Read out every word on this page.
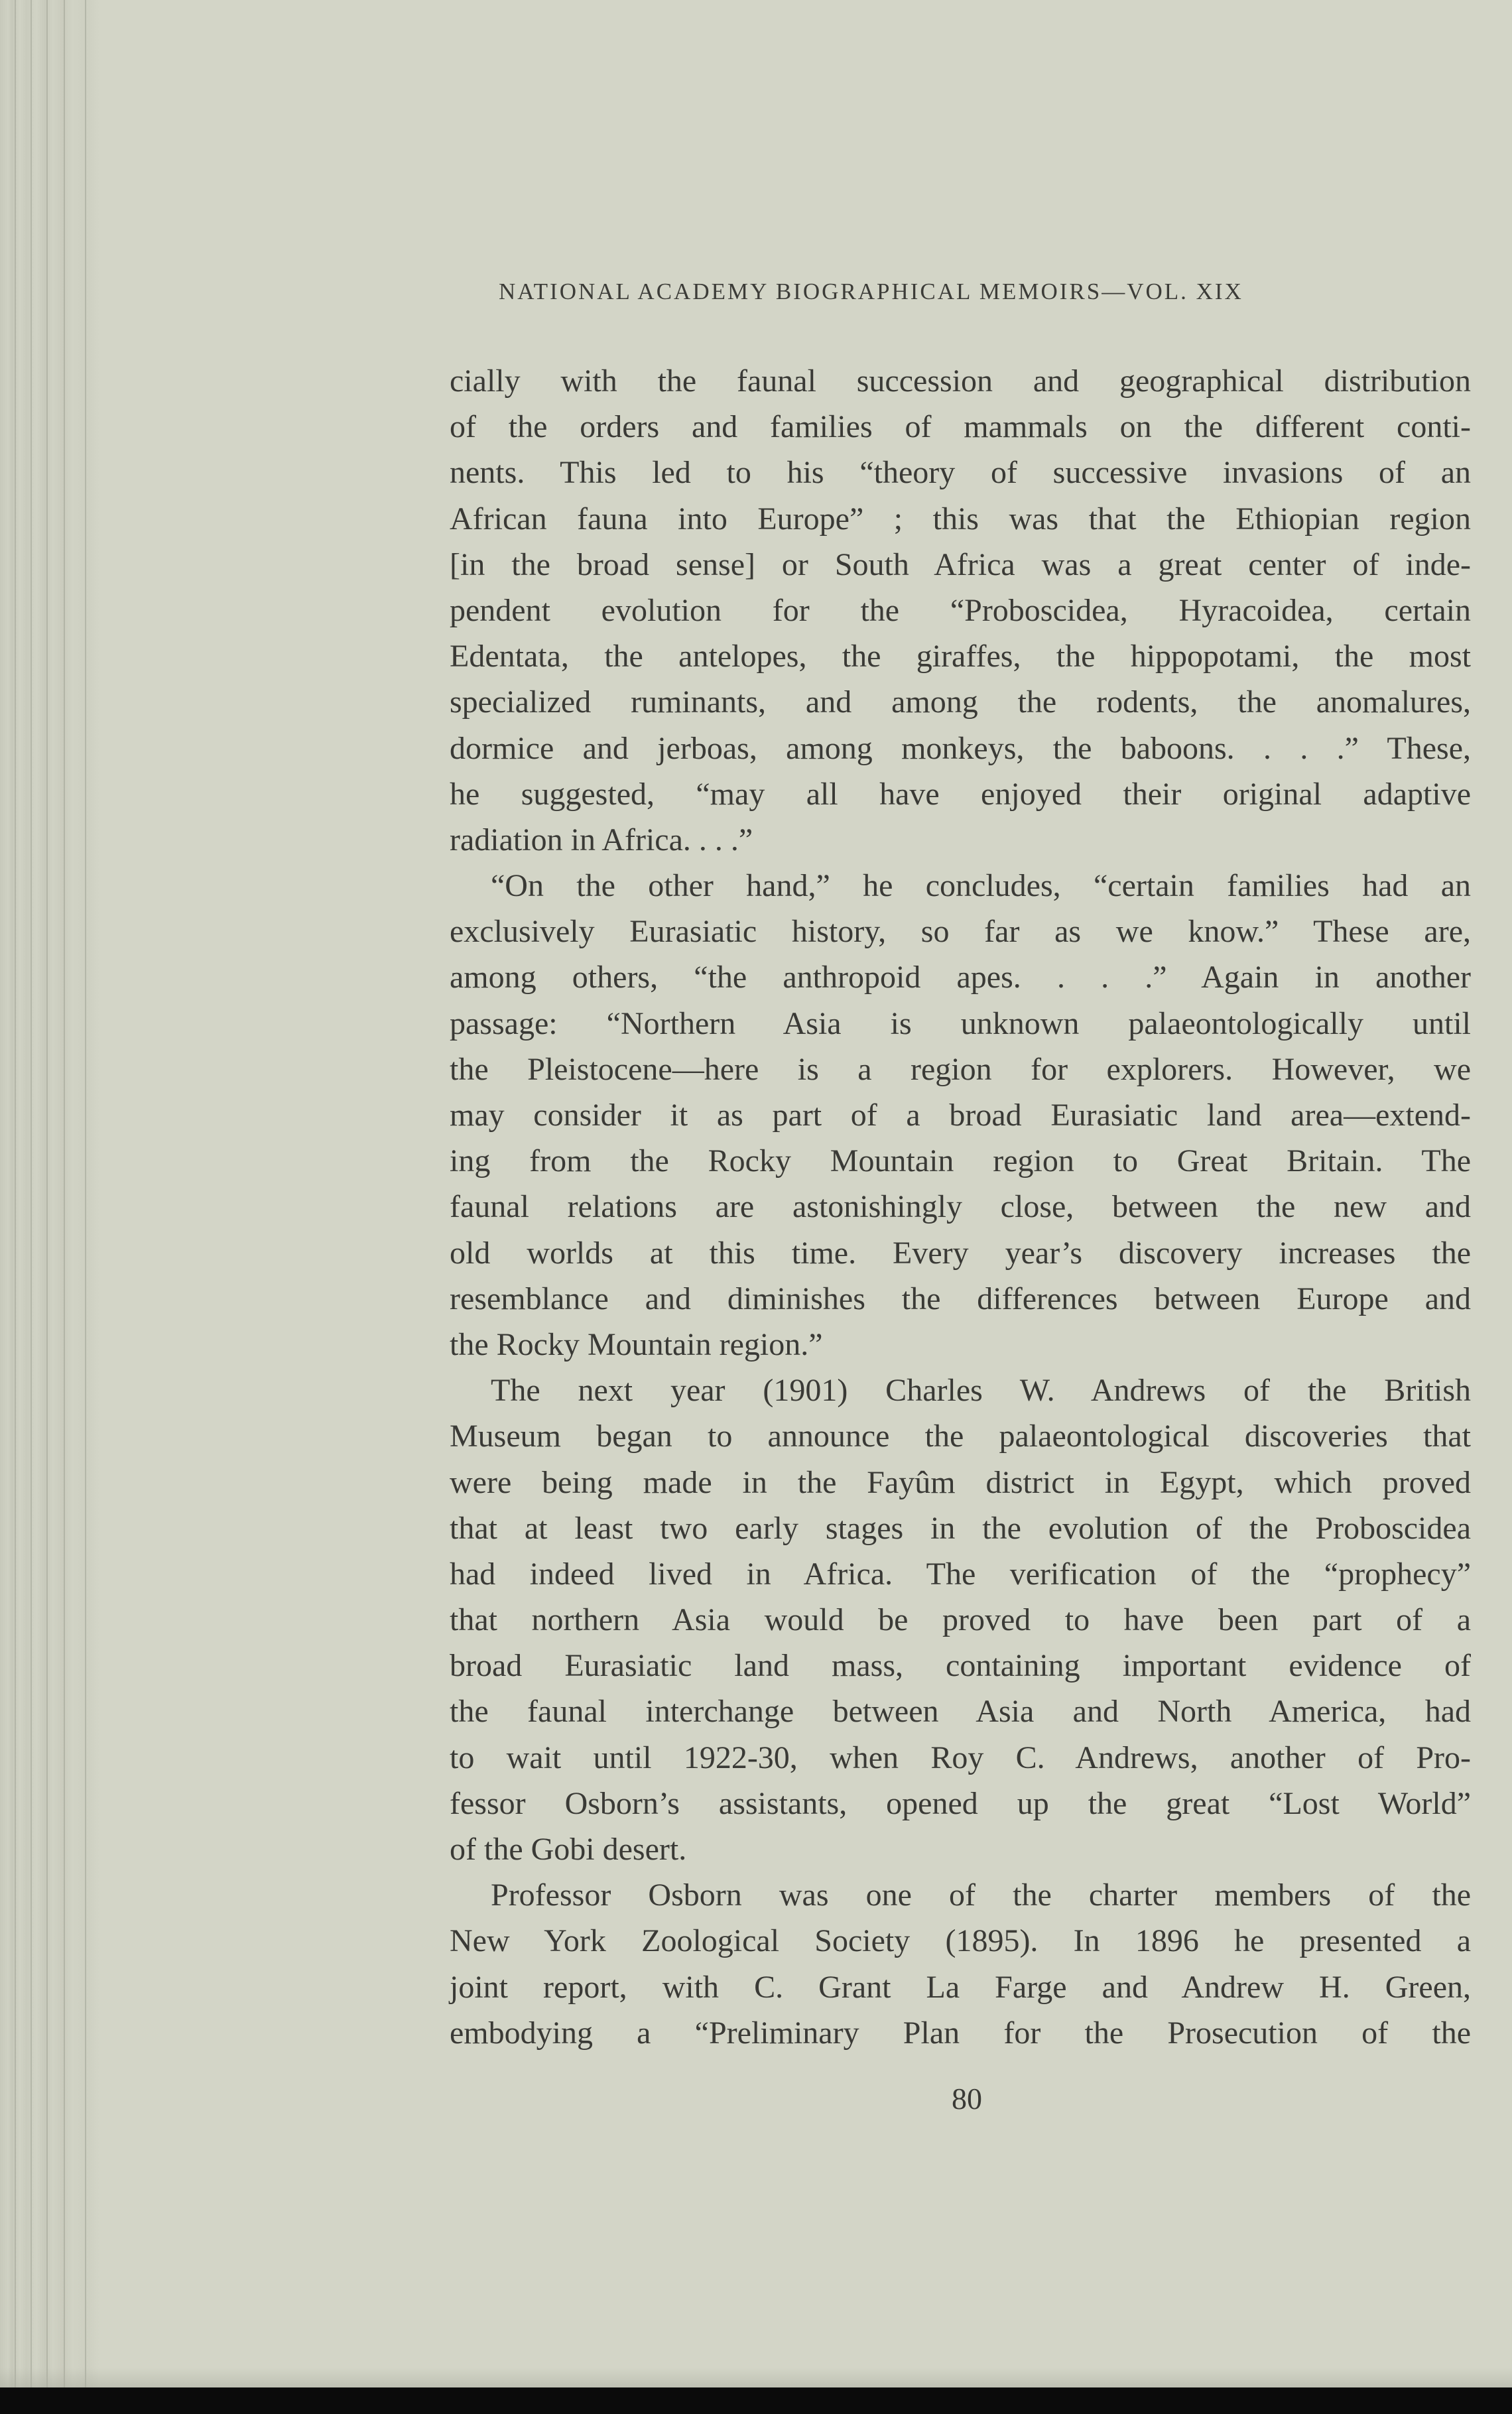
NATIONAL ACADEMY BIOGRAPHICAL MEMOIRS—VOL. XIX
cially with the faunal succession and geographical distribution
of the orders and families of mammals on the different conti-
nents. This led to his “theory of successive invasions of an
African fauna into Europe” ; this was that the Ethiopian region
[in the broad sense] or South Africa was a great center of inde-
pendent evolution for the “Proboscidea, Hyracoidea, certain
Edentata, the antelopes, the giraffes, the hippopotami, the most
specialized ruminants, and among the rodents, the anomalures,
dormice and jerboas, among monkeys, the baboons. . . .” These,
he suggested, “may all have enjoyed their original adaptive
radiation in Africa. . . .”
“On the other hand,” he concludes, “certain families had an
exclusively Eurasiatic history, so far as we know.” These are,
among others, “the anthropoid apes. . . .” Again in another
passage: “Northern Asia is unknown palaeontologically until
the Pleistocene—here is a region for explorers. However, we
may consider it as part of a broad Eurasiatic land area—extend-
ing from the Rocky Mountain region to Great Britain. The
faunal relations are astonishingly close, between the new and
old worlds at this time. Every year’s discovery increases the
resemblance and diminishes the differences between Europe and
the Rocky Mountain region.”
The next year (1901) Charles W. Andrews of the British
Museum began to announce the palaeontological discoveries that
were being made in the Fayûm district in Egypt, which proved
that at least two early stages in the evolution of the Proboscidea
had indeed lived in Africa. The verification of the “prophecy”
that northern Asia would be proved to have been part of a
broad Eurasiatic land mass, containing important evidence of
the faunal interchange between Asia and North America, had
to wait until 1922-30, when Roy C. Andrews, another of Pro-
fessor Osborn’s assistants, opened up the great “Lost World”
of the Gobi desert.
Professor Osborn was one of the charter members of the
New York Zoological Society (1895). In 1896 he presented a
joint report, with C. Grant La Farge and Andrew H. Green,
embodying a “Preliminary Plan for the Prosecution of the
80
